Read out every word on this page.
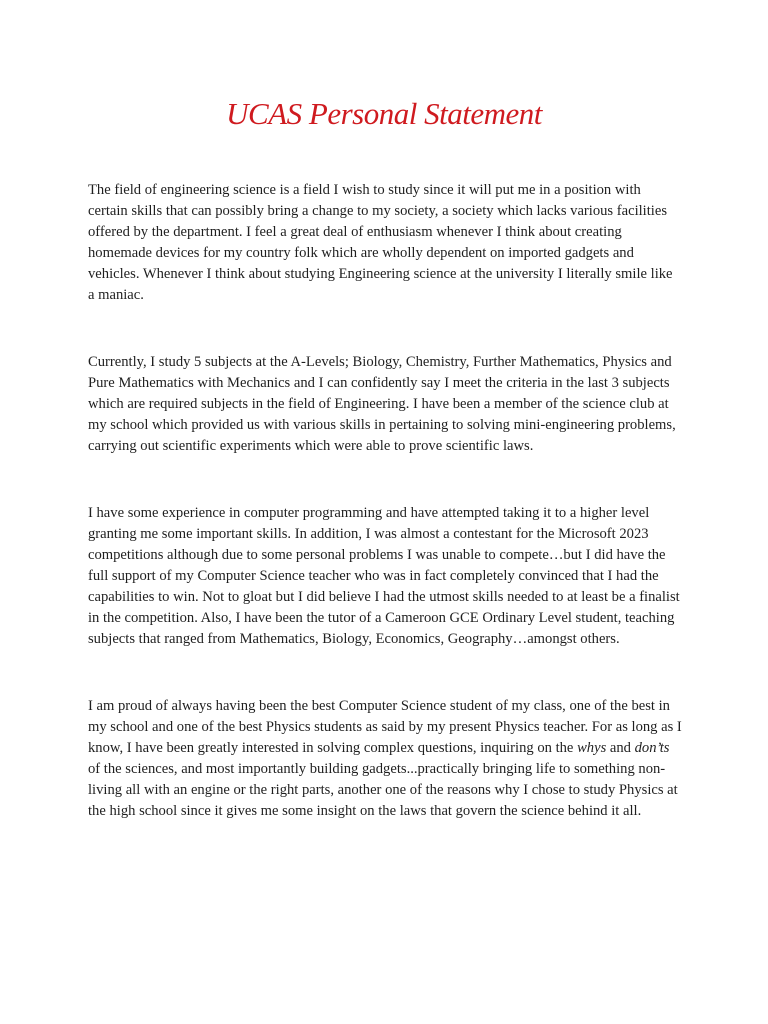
UCAS Personal Statement

The field of engineering science is a field I wish to study since it will put me in a position with certain skills that can possibly bring a change to my society, a society which lacks various facilities offered by the department. I feel a great deal of enthusiasm whenever I think about creating homemade devices for my country folk which are wholly dependent on imported gadgets and vehicles. Whenever I think about studying Engineering science at the university I literally smile like a maniac.

Currently, I study 5 subjects at the A-Levels; Biology, Chemistry, Further Mathematics, Physics and Pure Mathematics with Mechanics and I can confidently say I meet the criteria in the last 3 subjects which are required subjects in the field of Engineering. I have been a member of the science club at my school which provided us with various skills in pertaining to solving mini-engineering problems, carrying out scientific experiments which were able to prove scientific laws.

I have some experience in computer programming and have attempted taking it to a higher level granting me some important skills. In addition, I was almost a contestant for the Microsoft 2023 competitions although due to some personal problems I was unable to compete…but I did have the full support of my Computer Science teacher who was in fact completely convinced that I had the capabilities to win. Not to gloat but I did believe I had the utmost skills needed to at least be a finalist in the competition. Also, I have been the tutor of a Cameroon GCE Ordinary Level student, teaching subjects that ranged from Mathematics, Biology, Economics, Geography…amongst others.

I am proud of always having been the best Computer Science student of my class, one of the best in my school and one of the best Physics students as said by my present Physics teacher. For as long as I know, I have been greatly interested in solving complex questions, inquiring on the whys and don’ts of the sciences, and most importantly building gadgets...practically bringing life to something non-living all with an engine or the right parts, another one of the reasons why I chose to study Physics at the high school since it gives me some insight on the laws that govern the science behind it all.
